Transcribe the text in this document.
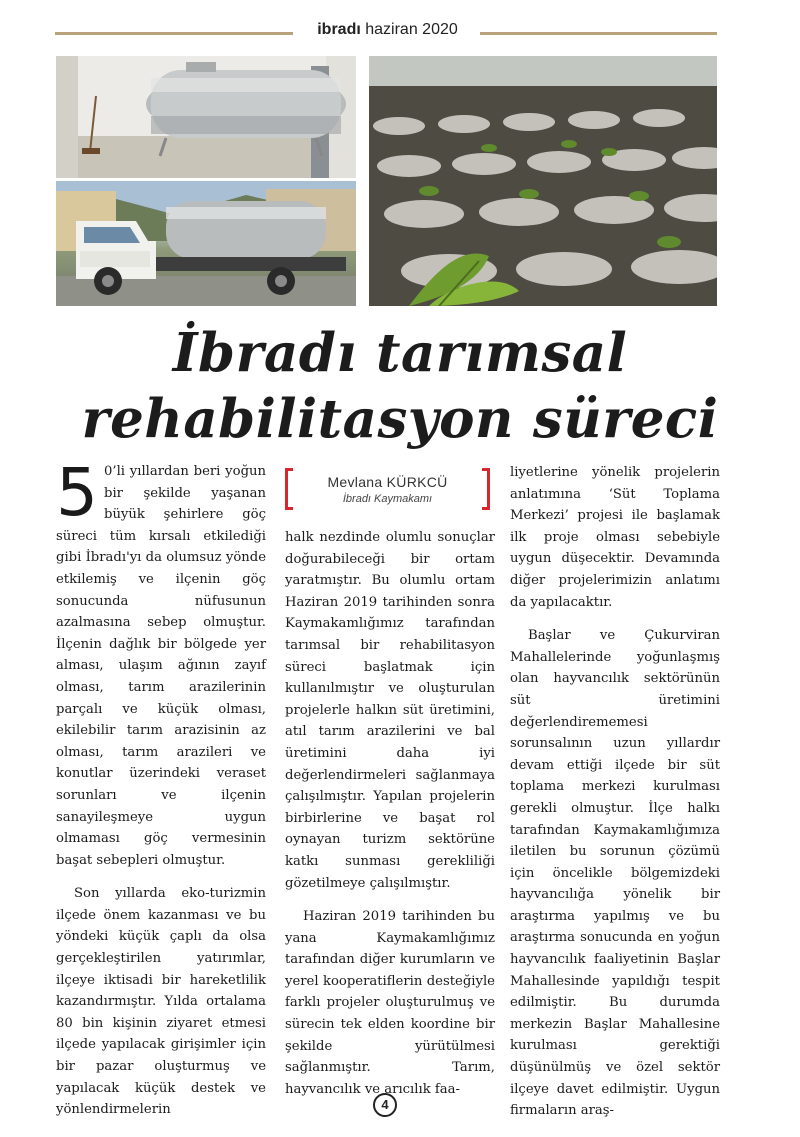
ibradı haziran 2020
İbradı tarımsal
rehabilitasyon süreci

5 0’li yıllardan beri yoğun bir şekilde yaşanan büyük şehirlere göç süreci tüm kırsalı etkilediği gibi İbradı'yı da olumsuz yönde etkilemiş ve ilçenin göç sonucunda nüfusunun azalmasına sebep olmuştur. İlçenin dağlık bir bölgede yer alması, ulaşım ağının zayıf olması, tarım arazilerinin parçalı ve küçük olması, ekilebilir tarım arazisinin az olması, tarım arazileri ve konutlar üzerindeki veraset sorunları ve ilçenin sanayileşmeye uygun olmaması göç vermesinin başat sebepleri olmuştur.

Son yıllarda eko-turizmin ilçede önem kazanması ve bu yöndeki küçük çaplı da olsa gerçekleştirilen yatırımlar, ilçeye iktisadi bir hareketlilik kazandırmıştır. Yılda ortalama 80 bin kişinin ziyaret etmesi ilçede yapılacak girişimler için bir pazar oluşturmuş ve yapılacak küçük destek ve yönlendirmelerin

Mevlana KÜRKCÜ
İbradı Kaymakamı

halk nezdinde olumlu sonuçlar doğurabileceği bir ortam yaratmıştır. Bu olumlu ortam Haziran 2019 tarihinden sonra Kaymakamlığımız tarafından tarımsal bir rehabilitasyon süreci başlatmak için kullanılmıştır ve oluşturulan projelerle halkın süt üretimini, atıl tarım arazilerini ve bal üretimini daha iyi değerlendirmeleri sağlanmaya çalışılmıştır. Yapılan projelerin birbirlerine ve başat rol oynayan turizm sektörüne katkı sunması gerekliliği gözetilmeye çalışılmıştır.

Haziran 2019 tarihinden bu yana Kaymakamlığımız tarafından diğer kurumların ve yerel kooperatiflerin desteğiyle farklı projeler oluşturulmuş ve sürecin tek elden koordine bir şekilde yürütülmesi sağlanmıştır. Tarım, hayvancılık ve arıcılık faa-

liyetlerine yönelik projelerin anlatımına ‘Süt Toplama Merkezi’ projesi ile başlamak ilk proje olması sebebiyle uygun düşecektir. Devamında diğer projelerimizin anlatımı da yapılacaktır.

Başlar ve Çukurviran Mahallelerinde yoğunlaşmış olan hayvancılık sektörünün süt üretimini değerlendirememesi sorunsalının uzun yıllardır devam ettiği ilçede bir süt toplama merkezi kurulması gerekli olmuştur. İlçe halkı tarafından Kaymakamlığımıza iletilen bu sorunun çözümü için öncelikle bölgemizdeki hayvancılığa yönelik bir araştırma yapılmış ve bu araştırma sonucunda en yoğun hayvancılık faaliyetinin Başlar Mahallesinde yapıldığı tespit edilmiştir. Bu durumda merkezin Başlar Mahallesine kurulması gerektiği düşünülmüş ve özel sektör ilçeye davet edilmiştir. Uygun firmaların araş-

4
